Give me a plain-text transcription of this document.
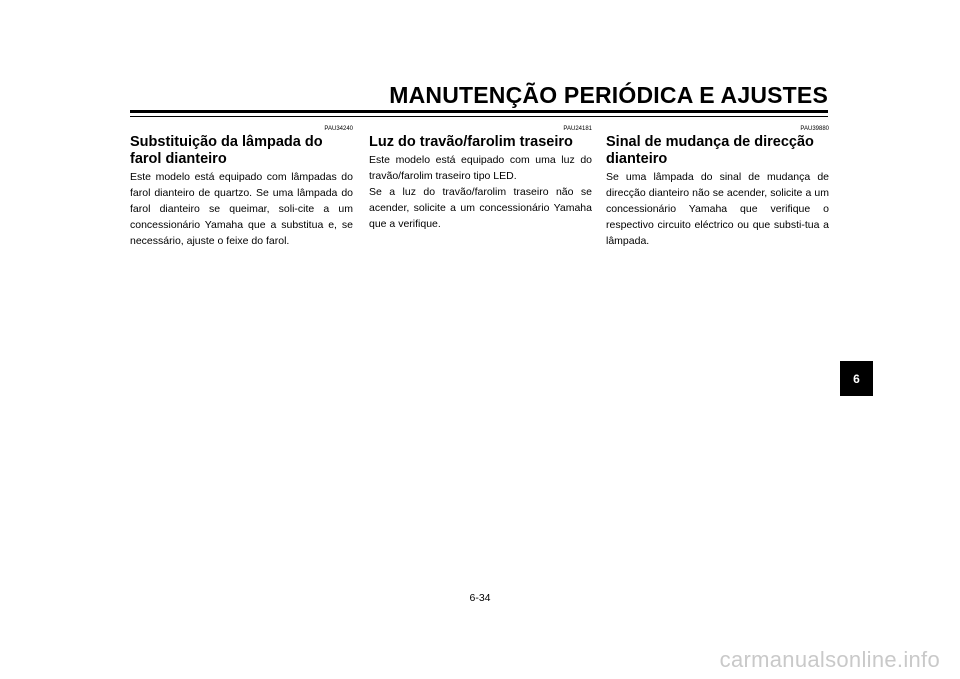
MANUTENÇÃO PERIÓDICA E AJUSTES
PAU34240
Substituição da lâmpada do farol dianteiro

Este modelo está equipado com lâmpadas do farol dianteiro de quartzo. Se uma lâmpada do farol dianteiro se queimar, soli-cite a um concessionário Yamaha que a substitua e, se necessário, ajuste o feixe do farol.

PAU24181
Luz do travão/farolim traseiro

Este modelo está equipado com uma luz do travão/farolim traseiro tipo LED.

Se a luz do travão/farolim traseiro não se acender, solicite a um concessionário Yamaha que a verifique.

PAU39880
Sinal de mudança de direcção dianteiro

Se uma lâmpada do sinal de mudança de direcção dianteiro não se acender, solicite a um concessionário Yamaha que verifique o respectivo circuito eléctrico ou que substi-tua a lâmpada.

6
6-34
carmanualsonline.info
